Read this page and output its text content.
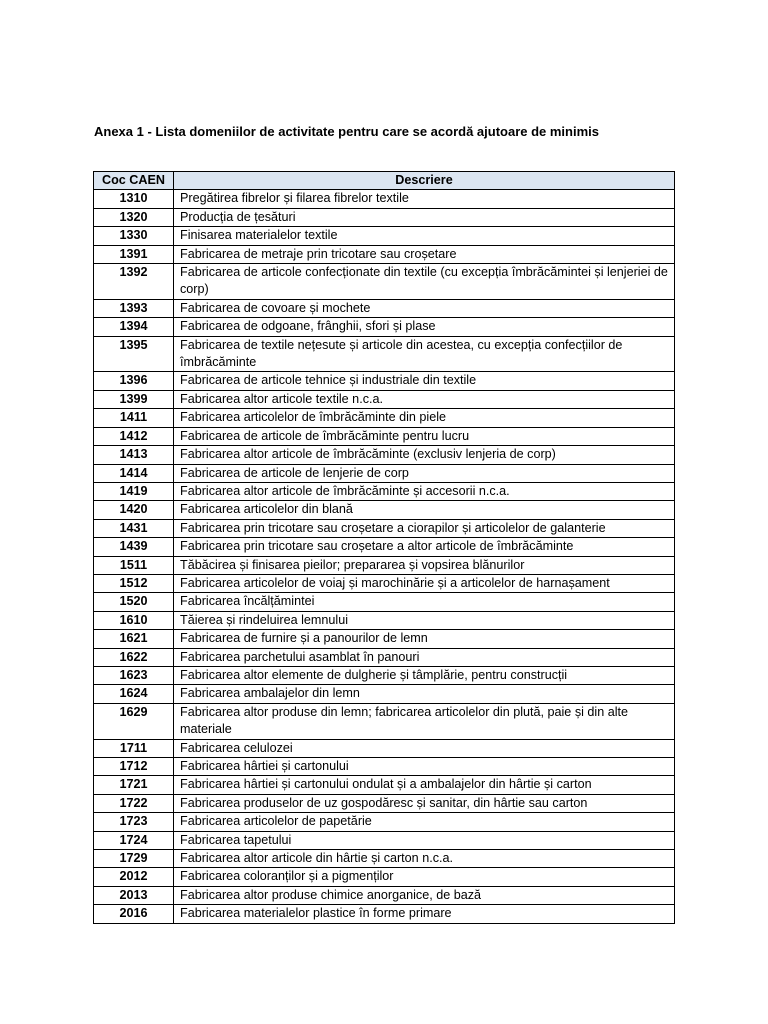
Anexa 1 - Lista domeniilor de activitate pentru care se acordă ajutoare de minimis
Coc CAEN	Descriere
1310	Pregătirea fibrelor și filarea fibrelor textile
1320	Producția de țesături
1330	Finisarea materialelor textile
1391	Fabricarea de metraje prin tricotare sau croșetare
1392	Fabricarea de articole confecționate din textile (cu excepția îmbrăcămintei și lenjeriei de corp)
1393	Fabricarea de covoare și mochete
1394	Fabricarea de odgoane, frânghii, sfori și plase
1395	Fabricarea de textile nețesute și articole din acestea, cu excepția confecțiilor de îmbrăcăminte
1396	Fabricarea de articole tehnice și industriale din textile
1399	Fabricarea altor articole textile n.c.a.
1411	Fabricarea articolelor de îmbrăcăminte din piele
1412	Fabricarea de articole de îmbrăcăminte pentru lucru
1413	Fabricarea altor articole de îmbrăcăminte (exclusiv lenjeria de corp)
1414	Fabricarea de articole de lenjerie de corp
1419	Fabricarea altor articole de îmbrăcăminte și accesorii n.c.a.
1420	Fabricarea articolelor din blană
1431	Fabricarea prin tricotare sau croșetare a ciorapilor și articolelor de galanterie
1439	Fabricarea prin tricotare sau croșetare a altor articole de îmbrăcăminte
1511	Tăbăcirea și finisarea pieilor; prepararea și vopsirea blănurilor
1512	Fabricarea articolelor de voiaj și marochinărie și a articolelor de harnașament
1520	Fabricarea încălțămintei
1610	Tăierea și rindeluirea lemnului
1621	Fabricarea de furnire și a panourilor de lemn
1622	Fabricarea parchetului asamblat în panouri
1623	Fabricarea altor elemente de dulgherie și tâmplărie, pentru construcții
1624	Fabricarea ambalajelor din lemn
1629	Fabricarea altor produse din lemn; fabricarea articolelor din plută, paie și din alte materiale
1711	Fabricarea celulozei
1712	Fabricarea hârtiei și cartonului
1721	Fabricarea hârtiei și cartonului ondulat și a ambalajelor din hârtie și carton
1722	Fabricarea produselor de uz gospodăresc și sanitar, din hârtie sau carton
1723	Fabricarea articolelor de papetărie
1724	Fabricarea tapetului
1729	Fabricarea altor articole din hârtie și carton n.c.a.
2012	Fabricarea coloranților și a pigmenților
2013	Fabricarea altor produse chimice anorganice, de bază
2016	Fabricarea materialelor plastice în forme primare
